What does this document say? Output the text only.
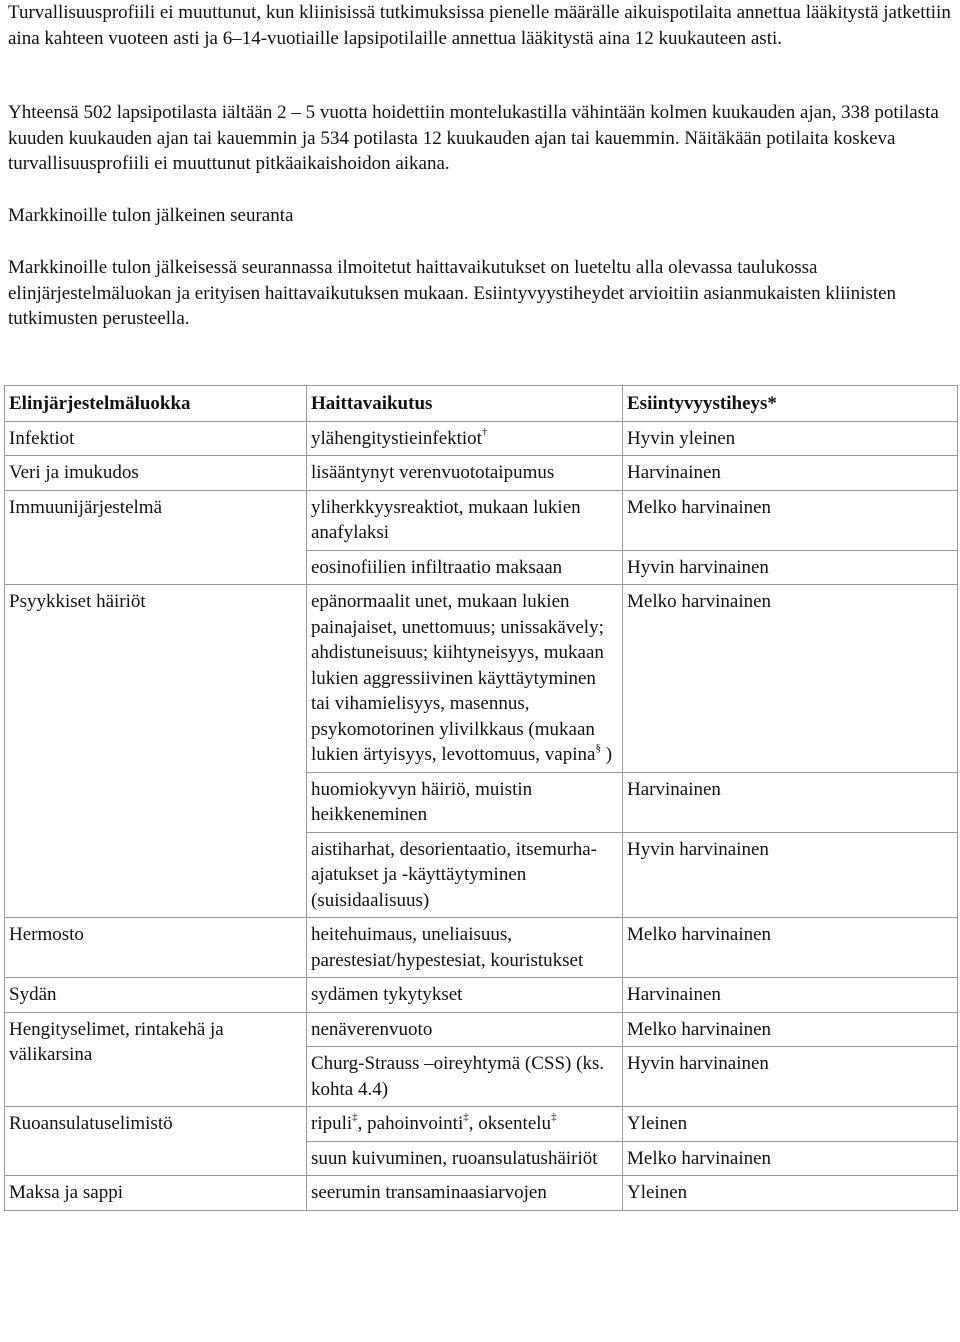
Turvallisuusprofiili ei muuttunut, kun kliinisissä tutkimuksissa pienelle määrälle aikuispotilaita annettua lääkitystä jatkettiin aina kahteen vuoteen asti ja 6–14-vuotiaille lapsipotilaille annettua lääkitystä aina 12 kuukauteen asti.

Yhteensä 502 lapsipotilasta iältään 2 – 5 vuotta hoidettiin montelukastilla vähintään kolmen kuukauden ajan, 338 potilasta kuuden kuukauden ajan tai kauemmin ja 534 potilasta 12 kuukauden ajan tai kauemmin. Näitäkään potilaita koskeva turvallisuusprofiili ei muuttunut pitkäaikaishoidon aikana.

Markkinoille tulon jälkeinen seuranta

Markkinoille tulon jälkeisessä seurannassa ilmoitetut haittavaikutukset on lueteltu alla olevassa taulukossa elinjärjestelmäluokan ja erityisen haittavaikutuksen mukaan. Esiintyvyystiheydet arvioitiin asianmukaisten kliinisten tutkimusten perusteella.

Elinjärjestelmäluokka	Haittavaikutus	Esiintyvyystiheys*
Infektiot	ylähengitystieinfektiot†	Hyvin yleinen
Veri ja imukudos	lisääntynyt verenvuototaipumus	Harvinainen
Immuunijärjestelmä	yliherkkyysreaktiot, mukaan lukien anafylaksi	Melko harvinainen
	eosinofiilien infiltraatio maksaan	Hyvin harvinainen
Psyykkiset häiriöt	epänormaalit unet, mukaan lukien painajaiset, unettomuus; unissakävely; ahdistuneisuus; kiihtyneisyys, mukaan lukien aggressiivinen käyttäytyminen tai vihamielisyys, masennus, psykomotorinen ylivilkkaus (mukaan lukien ärtyisyys, levottomuus, vapina§ )	Melko harvinainen
	huomiokyvyn häiriö, muistin heikkeneminen	Harvinainen
	aistiharhat, desorientaatio, itsemurha-ajatukset ja -käyttäytyminen (suisidaalisuus)	Hyvin harvinainen
Hermosto	heitehuimaus, uneliaisuus, parestesiat/hypestesiat, kouristukset	Melko harvinainen
Sydän	sydämen tykytykset	Harvinainen
Hengityselimet, rintakehä ja välikarsina	nenäverenvuoto	Melko harvinainen
	Churg-Strauss –oireyhtymä (CSS) (ks. kohta 4.4)	Hyvin harvinainen
Ruoansulatuselimistö	ripuli‡, pahoinvointi‡, oksentelu‡	Yleinen
	suun kuivuminen, ruoansulatushäiriöt	Melko harvinainen
Maksa ja sappi	seerumin transaminaasiarvojen	Yleinen
